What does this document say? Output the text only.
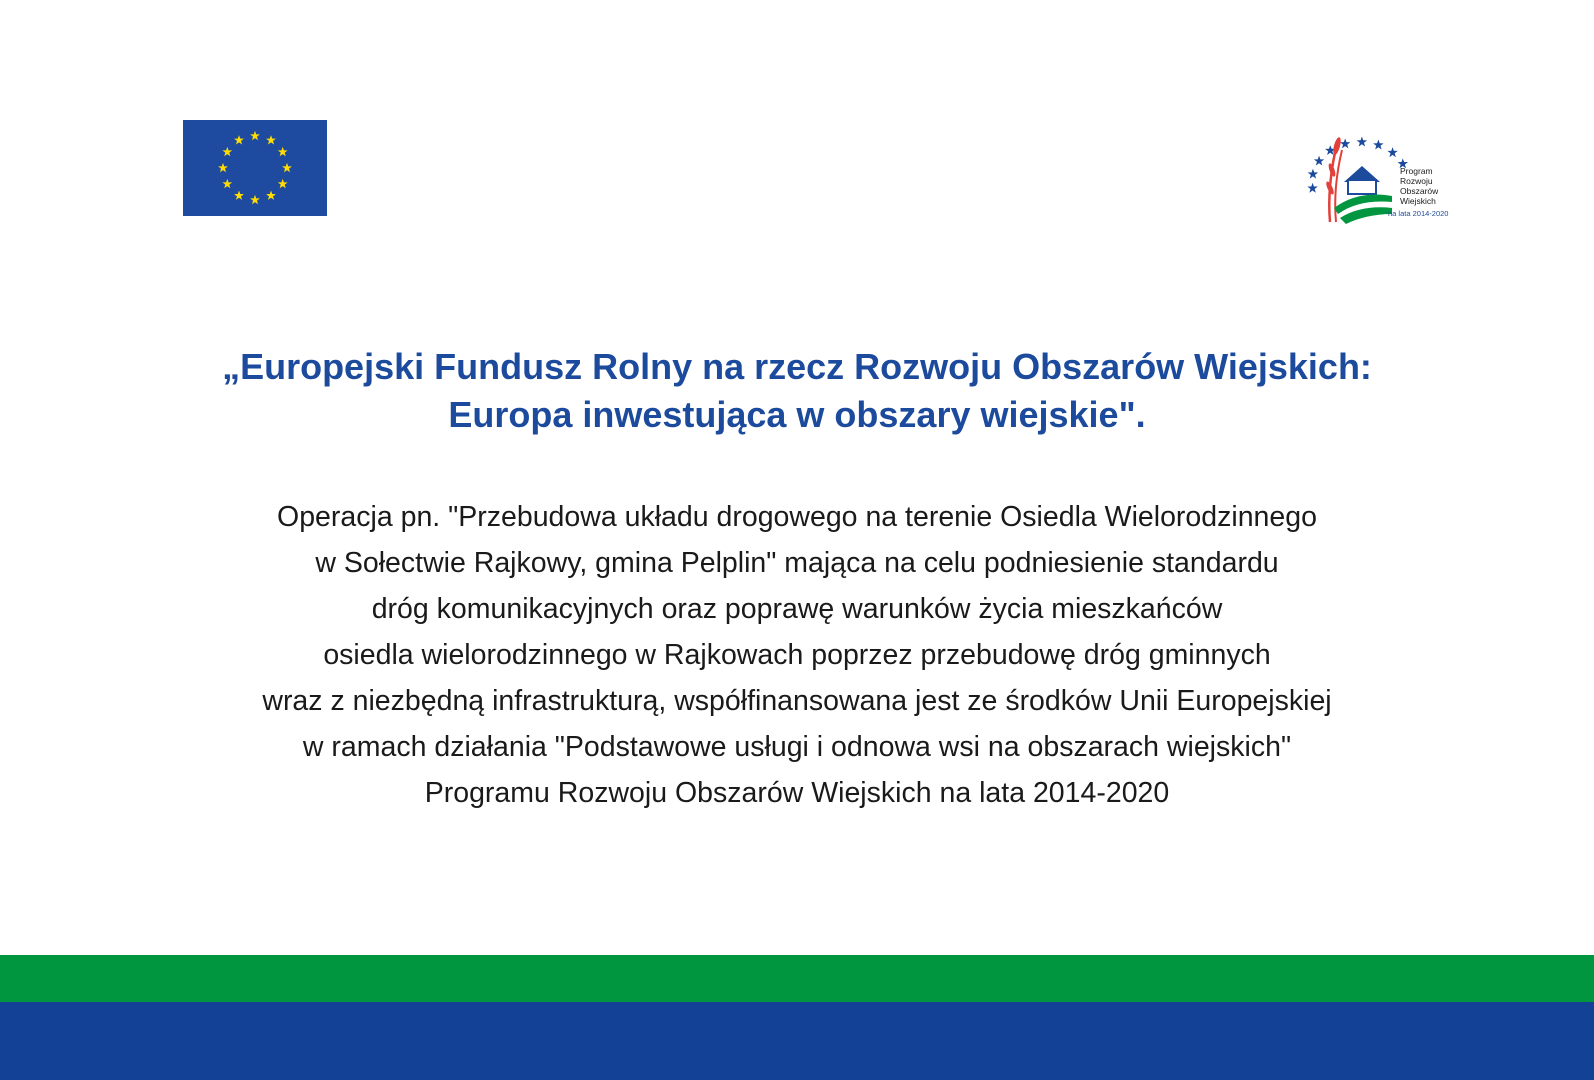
Program
Rozwoju
Obszarów
Wiejskich
na lata 2014-2020
„Europejski Fundusz Rolny na rzecz Rozwoju Obszarów Wiejskich:
Europa inwestująca w obszary wiejskie".

Operacja pn. "Przebudowa układu drogowego na terenie Osiedla Wielorodzinnego
w Sołectwie Rajkowy, gmina Pelplin" mająca na celu podniesienie standardu
dróg komunikacyjnych oraz poprawę warunków życia mieszkańców
osiedla wielorodzinnego w Rajkowach poprzez przebudowę dróg gminnych
wraz z niezbędną infrastrukturą, współfinansowana jest ze środków Unii Europejskiej
w ramach działania "Podstawowe usługi i odnowa wsi na obszarach wiejskich"
Programu Rozwoju Obszarów Wiejskich na lata 2014-2020
